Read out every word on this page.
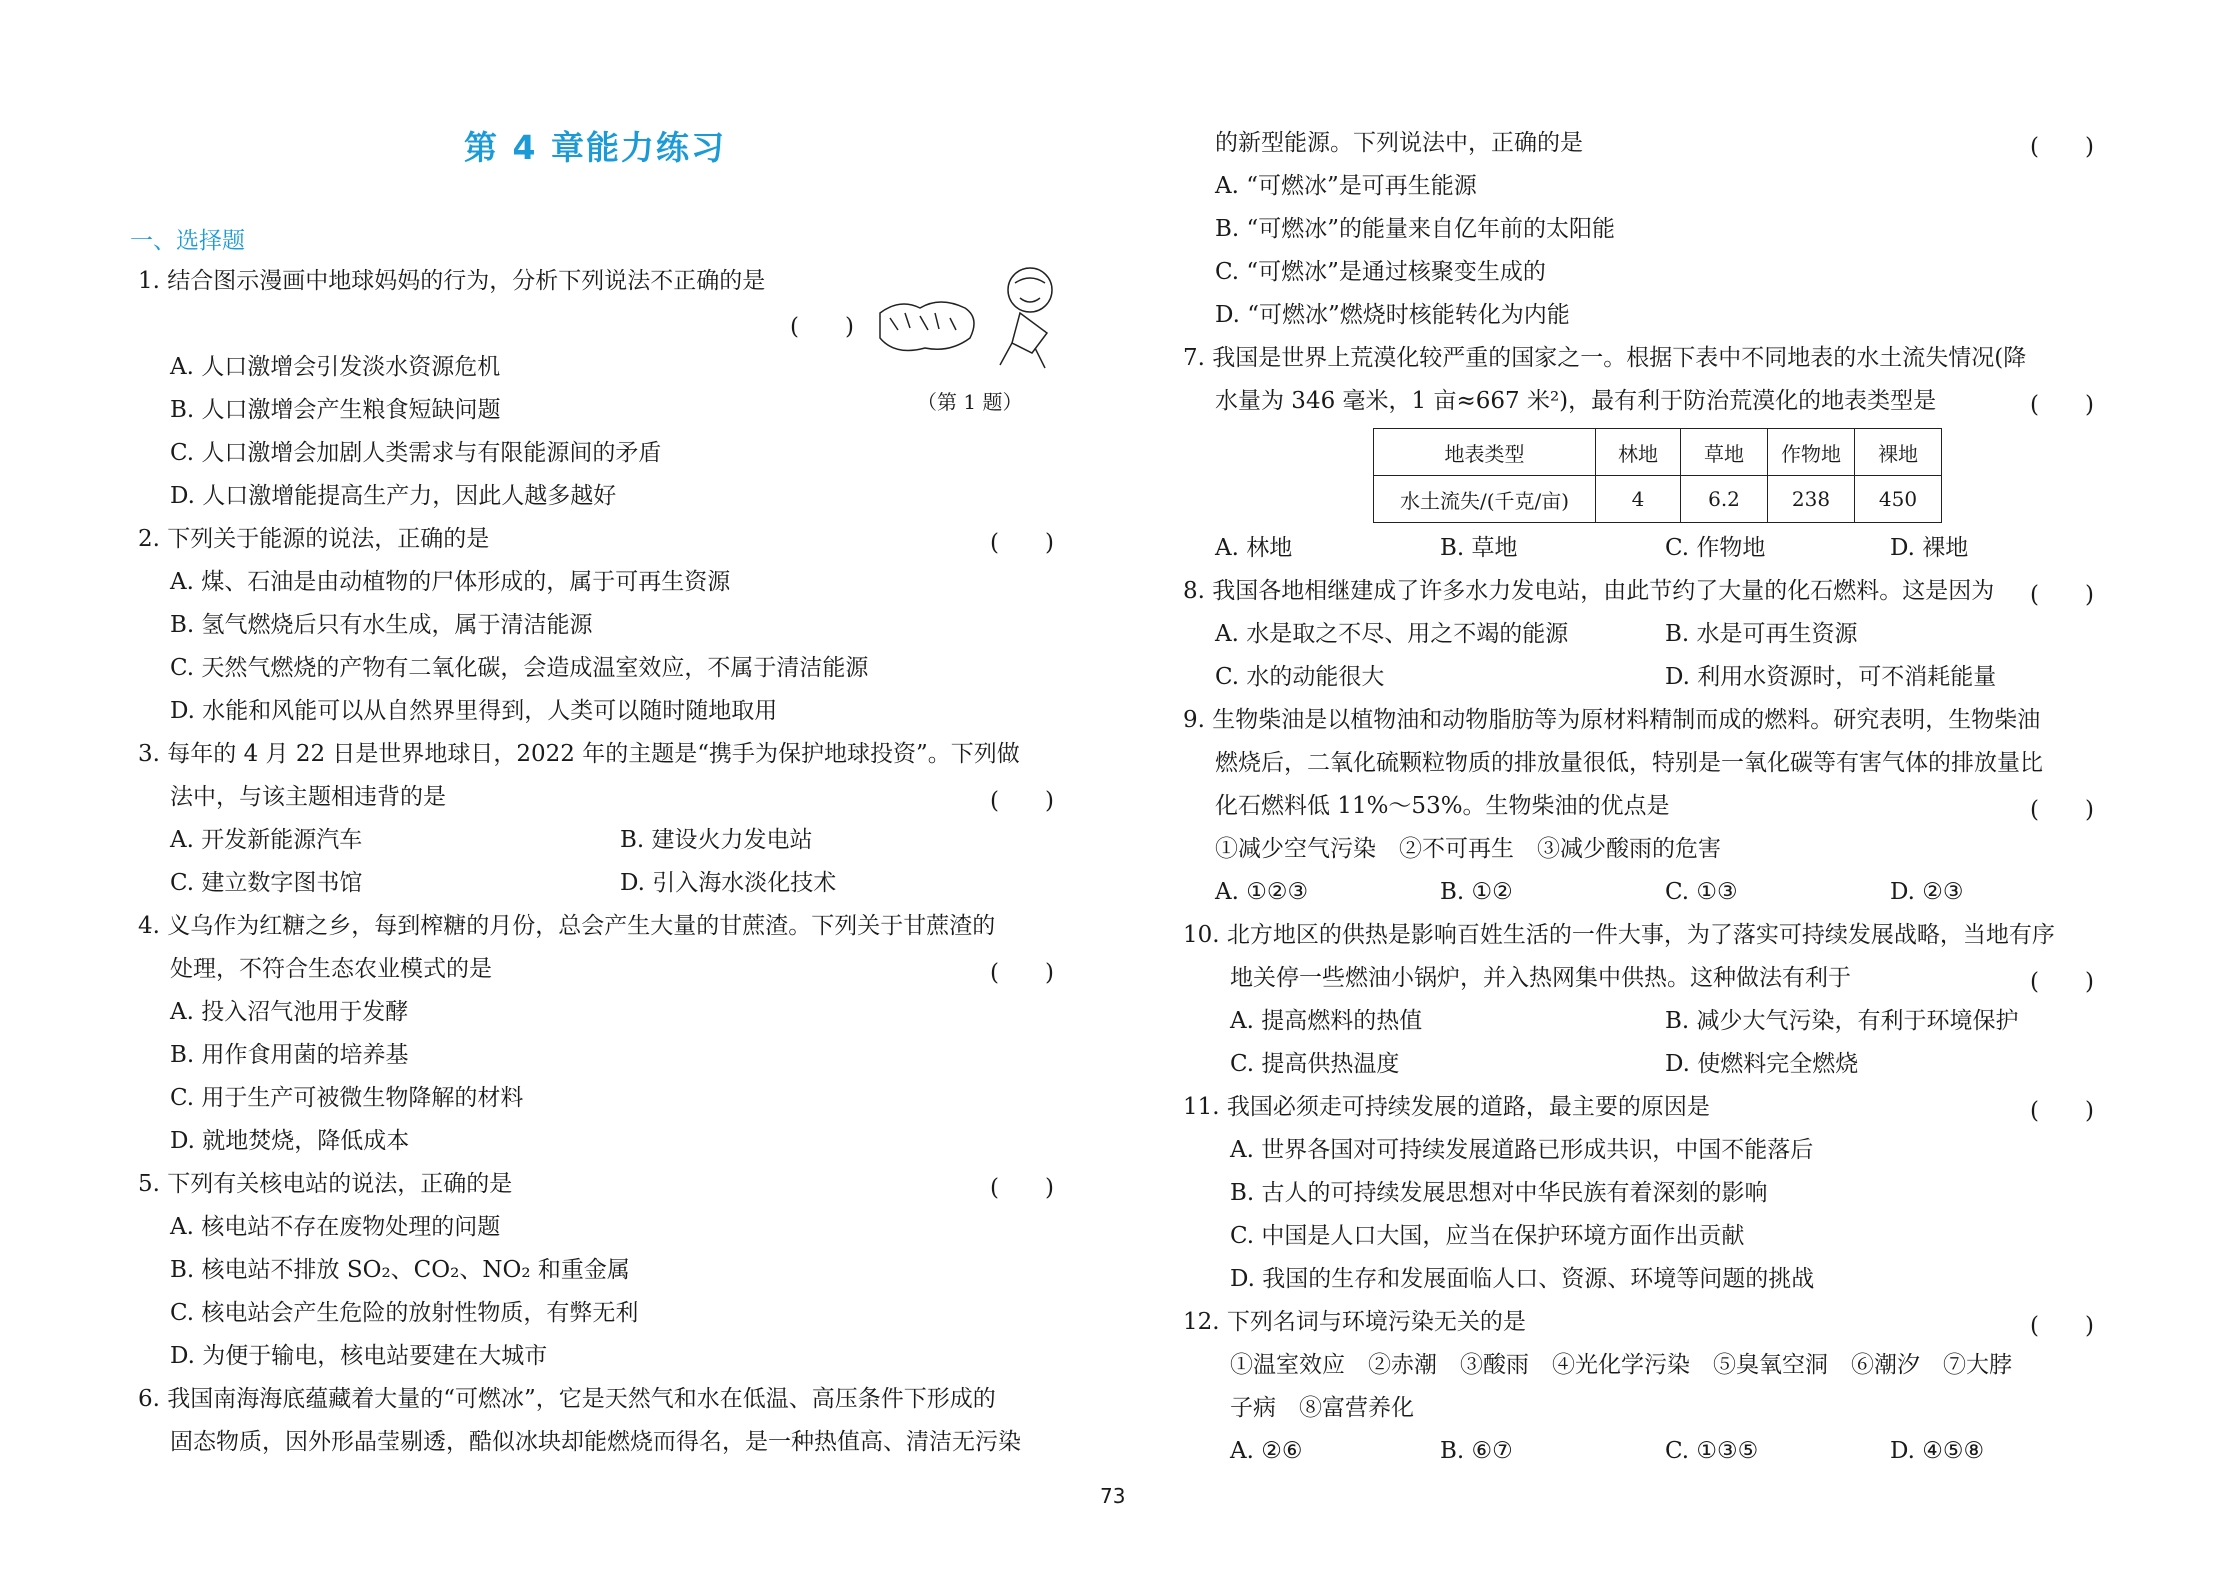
第 4 章能力练习
一、选择题
1. 结合图示漫画中地球妈妈的行为，分析下列说法不正确的是
(　　)
A. 人口激增会引发淡水资源危机
B. 人口激增会产生粮食短缺问题
C. 人口激增会加剧人类需求与有限能源间的矛盾
D. 人口激增能提高生产力，因此人越多越好
（第 1 题）
2. 下列关于能源的说法，正确的是	(　　)
A. 煤、石油是由动植物的尸体形成的，属于可再生资源
B. 氢气燃烧后只有水生成，属于清洁能源
C. 天然气燃烧的产物有二氧化碳，会造成温室效应，不属于清洁能源
D. 水能和风能可以从自然界里得到，人类可以随时随地取用
3. 每年的 4 月 22 日是世界地球日，2022 年的主题是“携手为保护地球投资”。下列做
法中，与该主题相违背的是	(　　)
A. 开发新能源汽车	B. 建设火力发电站
C. 建立数字图书馆	D. 引入海水淡化技术
4. 义乌作为红糖之乡，每到榨糖的月份，总会产生大量的甘蔗渣。下列关于甘蔗渣的
处理，不符合生态农业模式的是	(　　)
A. 投入沼气池用于发酵
B. 用作食用菌的培养基
C. 用于生产可被微生物降解的材料
D. 就地焚烧，降低成本
5. 下列有关核电站的说法，正确的是	(　　)
A. 核电站不存在废物处理的问题
B. 核电站不排放 SO₂、CO₂、NO₂ 和重金属
C. 核电站会产生危险的放射性物质，有弊无利
D. 为便于输电，核电站要建在大城市
6. 我国南海海底蕴藏着大量的“可燃冰”，它是天然气和水在低温、高压条件下形成的
固态物质，因外形晶莹剔透，酷似冰块却能燃烧而得名，是一种热值高、清洁无污染
的新型能源。下列说法中，正确的是	(　　)
A. “可燃冰”是可再生能源
B. “可燃冰”的能量来自亿年前的太阳能
C. “可燃冰”是通过核聚变生成的
D. “可燃冰”燃烧时核能转化为内能
7. 我国是世界上荒漠化较严重的国家之一。根据下表中不同地表的水土流失情况(降
水量为 346 毫米，1 亩≈667 米²)，最有利于防治荒漠化的地表类型是	(　　)
地表类型	林地	草地	作物地	裸地
水土流失/(千克/亩)	4	6.2	238	450
A. 林地	B. 草地	C. 作物地	D. 裸地
8. 我国各地相继建成了许多水力发电站，由此节约了大量的化石燃料。这是因为 (　　)
A. 水是取之不尽、用之不竭的能源	B. 水是可再生资源
C. 水的动能很大	D. 利用水资源时，可不消耗能量
9. 生物柴油是以植物油和动物脂肪等为原材料精制而成的燃料。研究表明，生物柴油
燃烧后，二氧化硫颗粒物质的排放量很低，特别是一氧化碳等有害气体的排放量比
化石燃料低 11%～53%。生物柴油的优点是	(　　)
①减少空气污染　②不可再生　③减少酸雨的危害
A. ①②③	B. ①②	C. ①③	D. ②③
10. 北方地区的供热是影响百姓生活的一件大事，为了落实可持续发展战略，当地有序
地关停一些燃油小锅炉，并入热网集中供热。这种做法有利于	(　　)
A. 提高燃料的热值	B. 减少大气污染，有利于环境保护
C. 提高供热温度	D. 使燃料完全燃烧
11. 我国必须走可持续发展的道路，最主要的原因是	(　　)
A. 世界各国对可持续发展道路已形成共识，中国不能落后
B. 古人的可持续发展思想对中华民族有着深刻的影响
C. 中国是人口大国，应当在保护环境方面作出贡献
D. 我国的生存和发展面临人口、资源、环境等问题的挑战
12. 下列名词与环境污染无关的是	(　　)
①温室效应　②赤潮　③酸雨　④光化学污染　⑤臭氧空洞　⑥潮汐　⑦大脖
子病　⑧富营养化
A. ②⑥	B. ⑥⑦	C. ①③⑤	D. ④⑤⑧
73
